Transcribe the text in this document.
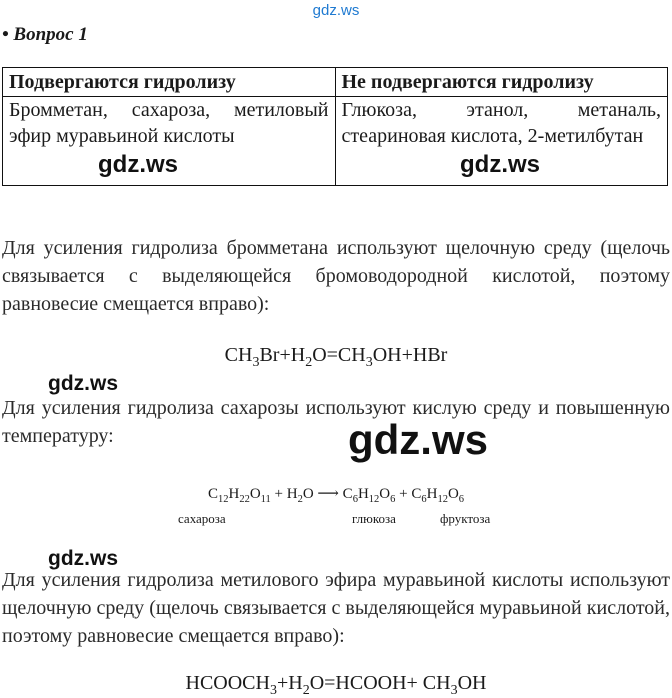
gdz.ws
• Вопрос 1
Подвергаются гидролизу	Не подвергаются гидролизу
Бромметан, сахароза, метиловый эфир муравьиной кислоты	Глюкоза, этанол, метаналь, стеариновая кислота, 2-метилбутан
gdz.ws	gdz.ws
Для усиления гидролиза бромметана используют щелочную среду (щелочь связывается с выделяющейся бромоводородной кислотой, поэтому равновесие смещается вправо):
$CH_3Br+H_2O=CH_3OH+HBr$
gdz.ws
Для усиления гидролиза сахарозы используют кислую среду и повышенную температуру:	gdz.ws
$C_{12}H_{22}O_{11} + H_2O$ ⟶ $C_6H_{12}O_6 + C_6H_{12}O_6$
сахароза	глюкоза	фруктоза
gdz.ws
Для усиления гидролиза метилового эфира муравьиной кислоты используют щелочную среду (щелочь связывается с выделяющейся муравьиной кислотой, поэтому равновесие смещается вправо):
$HCOOCH_3+H_2O=HCOOH+ CH_3OH$
